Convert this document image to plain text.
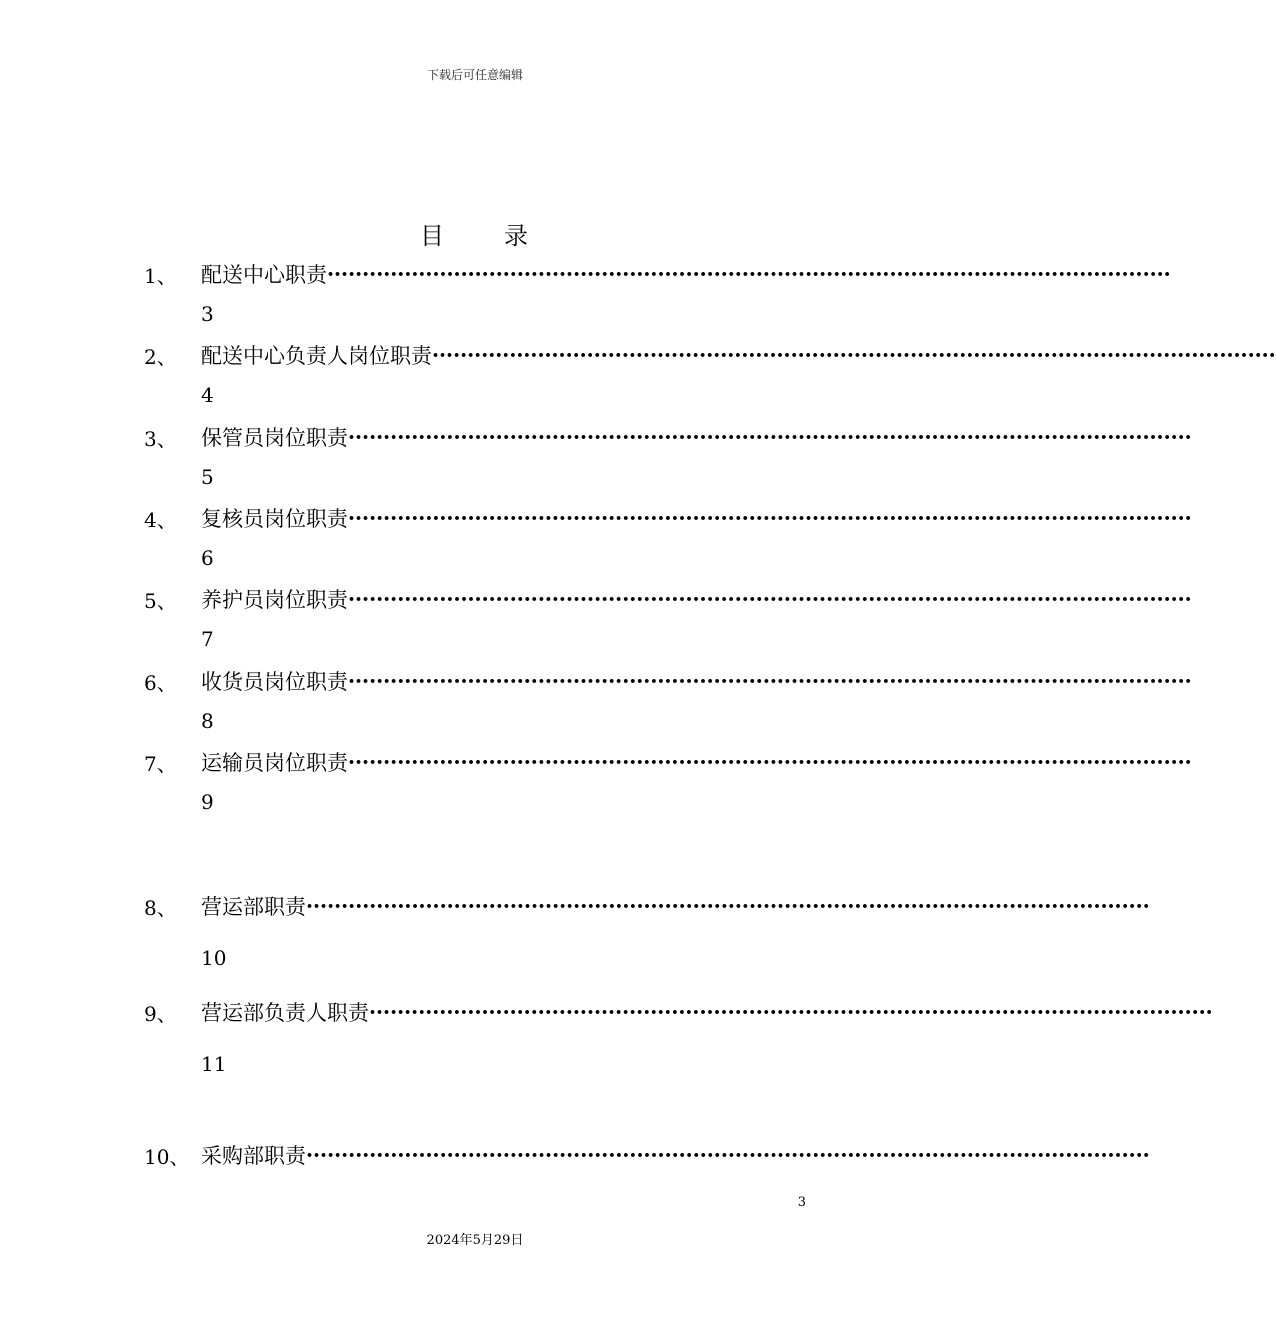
下载后可任意编辑
目 录
1、	配送中心职责 ••••••••••••••••••••••••••••••••••••••••••••••••••••••••••••••••••••••••••••••••••••••••••••••••••••••••••••••••••••••••
3
2、	配送中心负责人岗位职责 ••••••••••••••••••••••••••••••••••••••••••••••••••••••••••••••••••••••••••••••••••••••••••••••••••••••••••••••••••••••••
4
3、	保管员岗位职责 ••••••••••••••••••••••••••••••••••••••••••••••••••••••••••••••••••••••••••••••••••••••••••••••••••••••••••••••••••••••••
5
4、	复核员岗位职责 ••••••••••••••••••••••••••••••••••••••••••••••••••••••••••••••••••••••••••••••••••••••••••••••••••••••••••••••••••••••••
6
5、	养护员岗位职责 ••••••••••••••••••••••••••••••••••••••••••••••••••••••••••••••••••••••••••••••••••••••••••••••••••••••••••••••••••••••••
7
6、	收货员岗位职责 ••••••••••••••••••••••••••••••••••••••••••••••••••••••••••••••••••••••••••••••••••••••••••••••••••••••••••••••••••••••••
8
7、	运输员岗位职责 ••••••••••••••••••••••••••••••••••••••••••••••••••••••••••••••••••••••••••••••••••••••••••••••••••••••••••••••••••••••••
9
8、	营运部职责 ••••••••••••••••••••••••••••••••••••••••••••••••••••••••••••••••••••••••••••••••••••••••••••••••••••••••••••••••••••••••
10
9、	营运部负责人职责 ••••••••••••••••••••••••••••••••••••••••••••••••••••••••••••••••••••••••••••••••••••••••••••••••••••••••••••••••••••••••
11
10、 采购部职责 ••••••••••••••••••••••••••••••••••••••••••••••••••••••••••••••••••••••••••••••••••••••••••••••••••••••••••••••••••••••••
3
2024年5月29日
